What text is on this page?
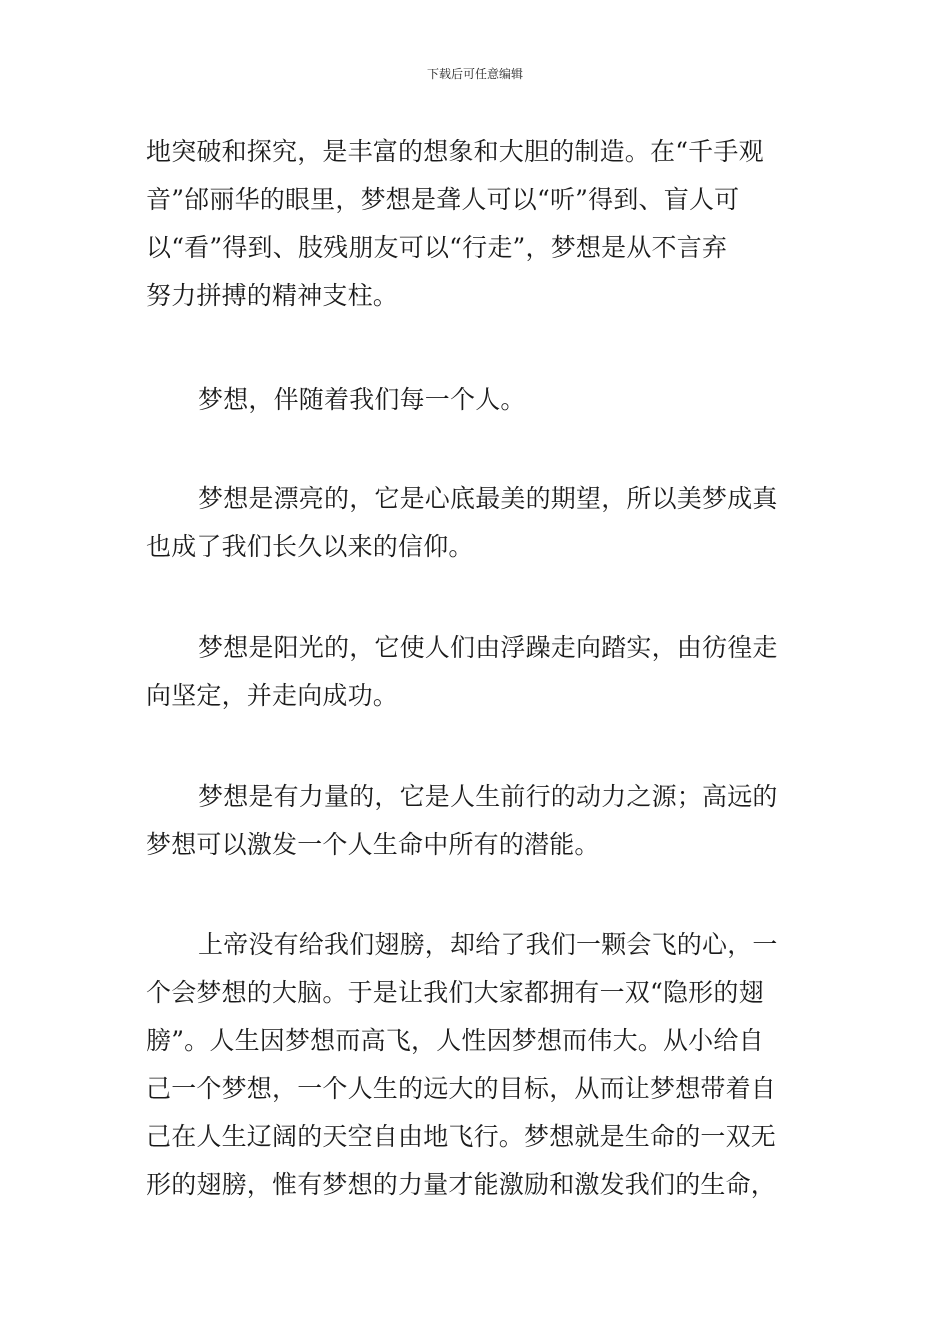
下载后可任意编辑

地突破和探究，是丰富的想象和大胆的制造。在“千手观
音”邰丽华的眼里，梦想是聋人可以“听”得到、盲人可
以“看”得到、肢残朋友可以“行走”，梦想是从不言弃
努力拼搏的精神支柱。

梦想，伴随着我们每一个人。

梦想是漂亮的，它是心底最美的期望，所以美梦成真
也成了我们长久以来的信仰。

梦想是阳光的，它使人们由浮躁走向踏实，由彷徨走
向坚定，并走向成功。

梦想是有力量的，它是人生前行的动力之源；高远的
梦想可以激发一个人生命中所有的潜能。

上帝没有给我们翅膀，却给了我们一颗会飞的心，一
个会梦想的大脑。于是让我们大家都拥有一双“隐形的翅
膀”。人生因梦想而高飞，人性因梦想而伟大。从小给自
己一个梦想，一个人生的远大的目标，从而让梦想带着自
己在人生辽阔的天空自由地飞行。梦想就是生命的一双无
形的翅膀，惟有梦想的力量才能激励和激发我们的生命，
